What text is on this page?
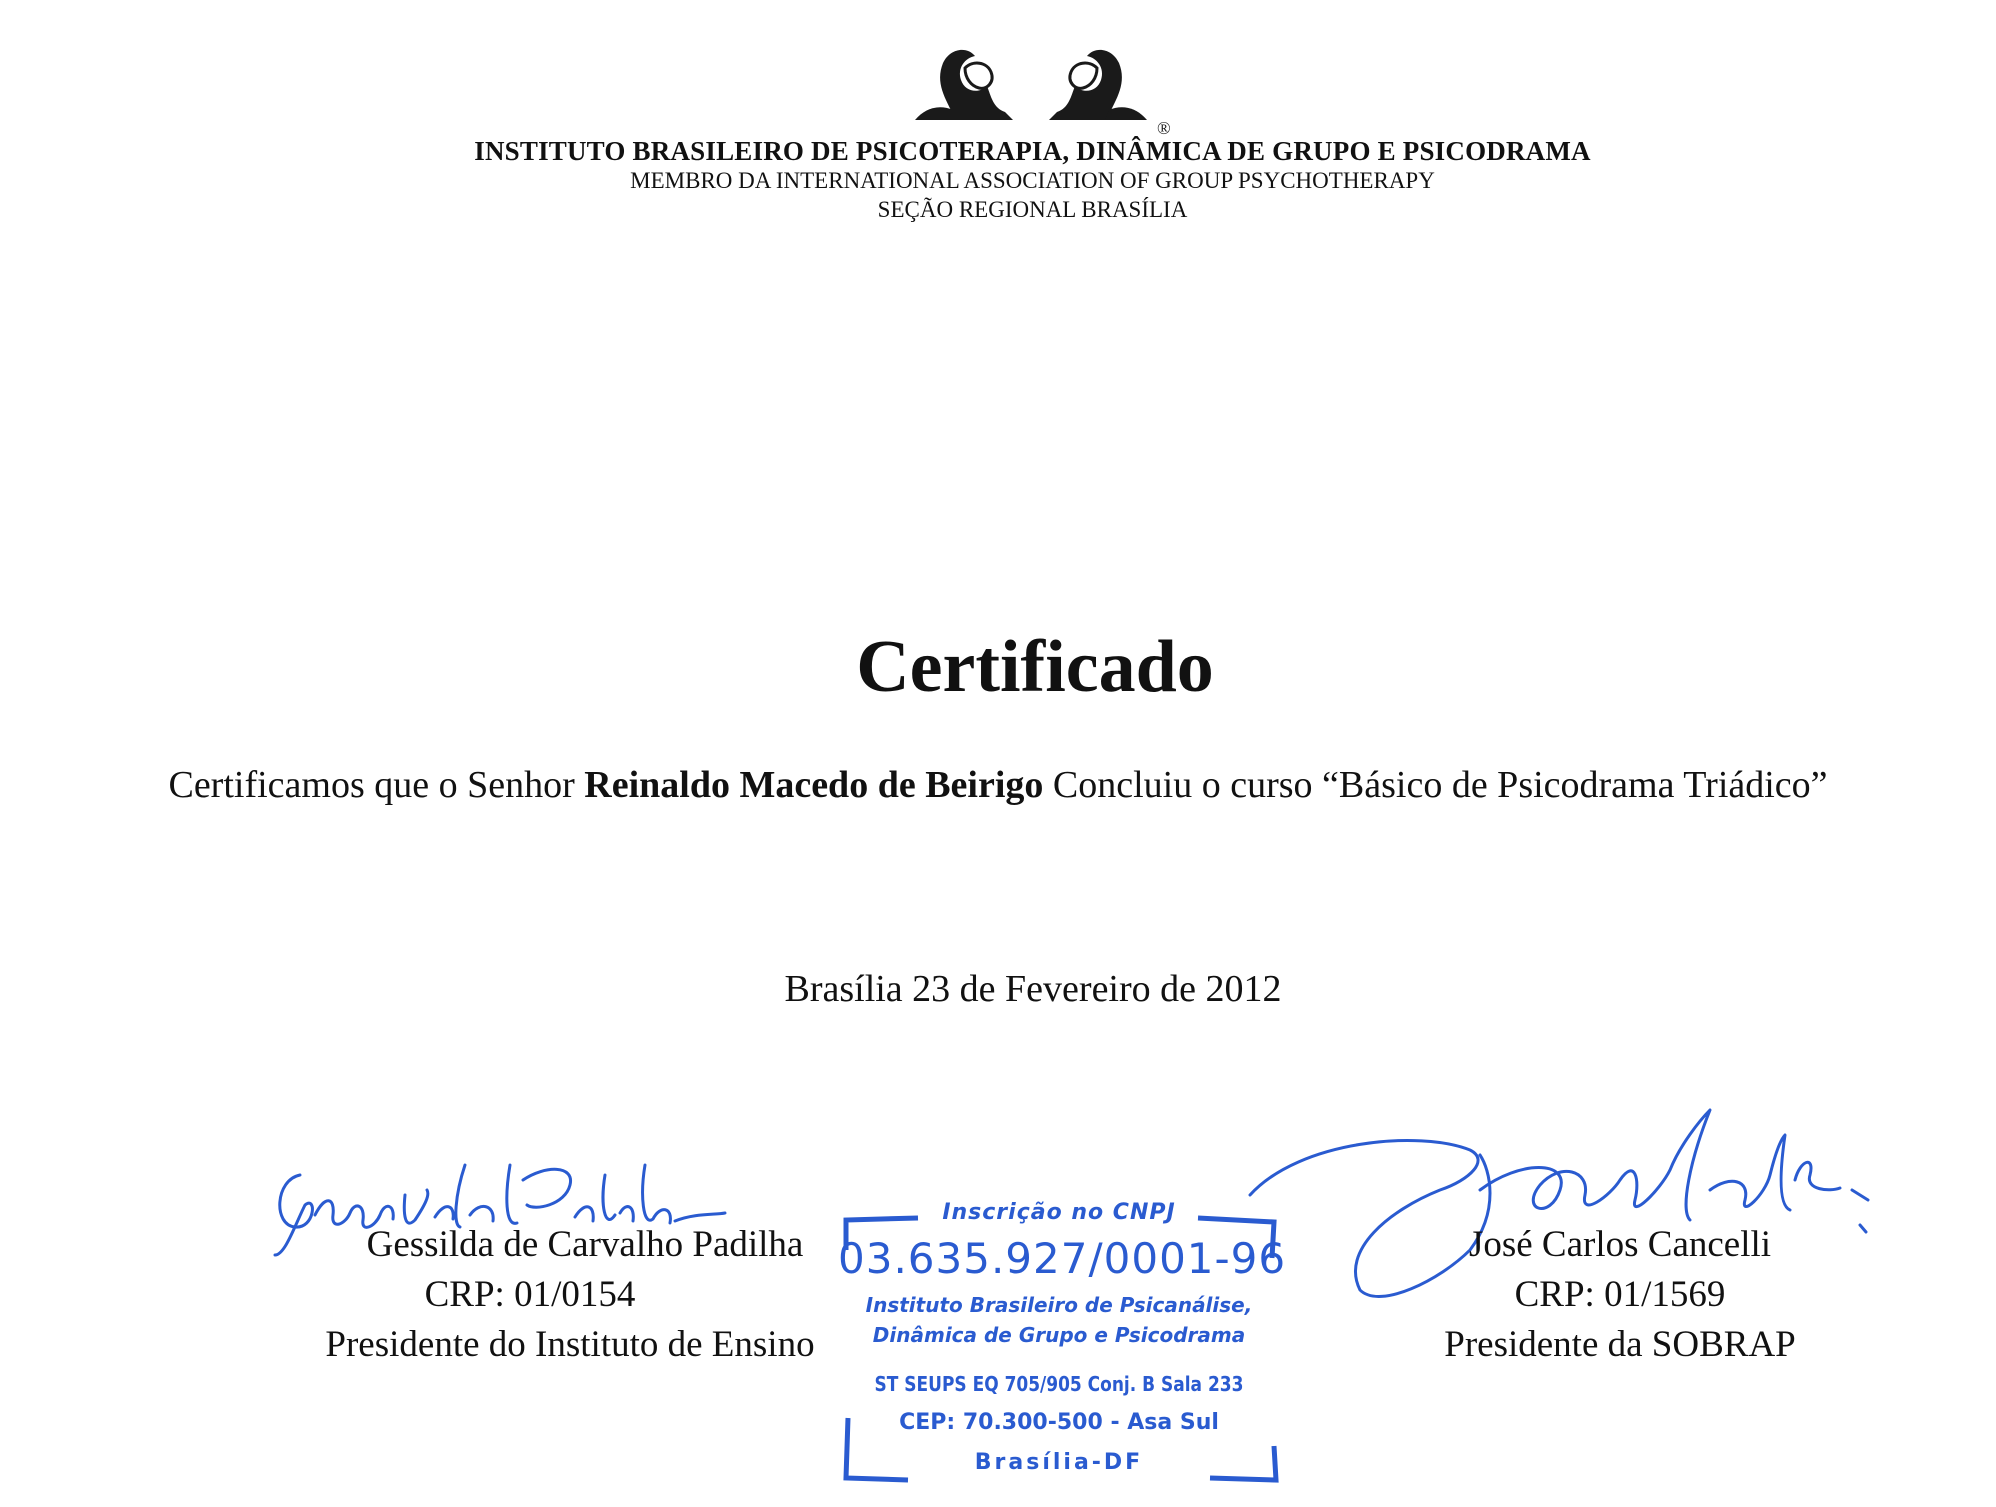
®
INSTITUTO BRASILEIRO DE PSICOTERAPIA, DINÂMICA DE GRUPO E PSICODRAMA
MEMBRO DA INTERNATIONAL ASSOCIATION OF GROUP PSYCHOTHERAPY
SEÇÃO REGIONAL BRASÍLIA
Certificado
Certificamos que o Senhor Reinaldo Macedo de Beirigo Concluiu o curso “Básico de Psicodrama Triádico”
Brasília 23 de Fevereiro de 2012
Gessilda de Carvalho Padilha
CRP: 01/0154
Presidente do Instituto de Ensino
José Carlos Cancelli
CRP: 01/1569
Presidente da SOBRAP
Inscrição no CNPJ
03.635.927/0001-96
Instituto Brasileiro de Psicanálise,
Dinâmica de Grupo e Psicodrama
ST SEUPS EQ 705/905 Conj. B Sala 233
CEP: 70.300-500 - Asa Sul
Brasília-DF
